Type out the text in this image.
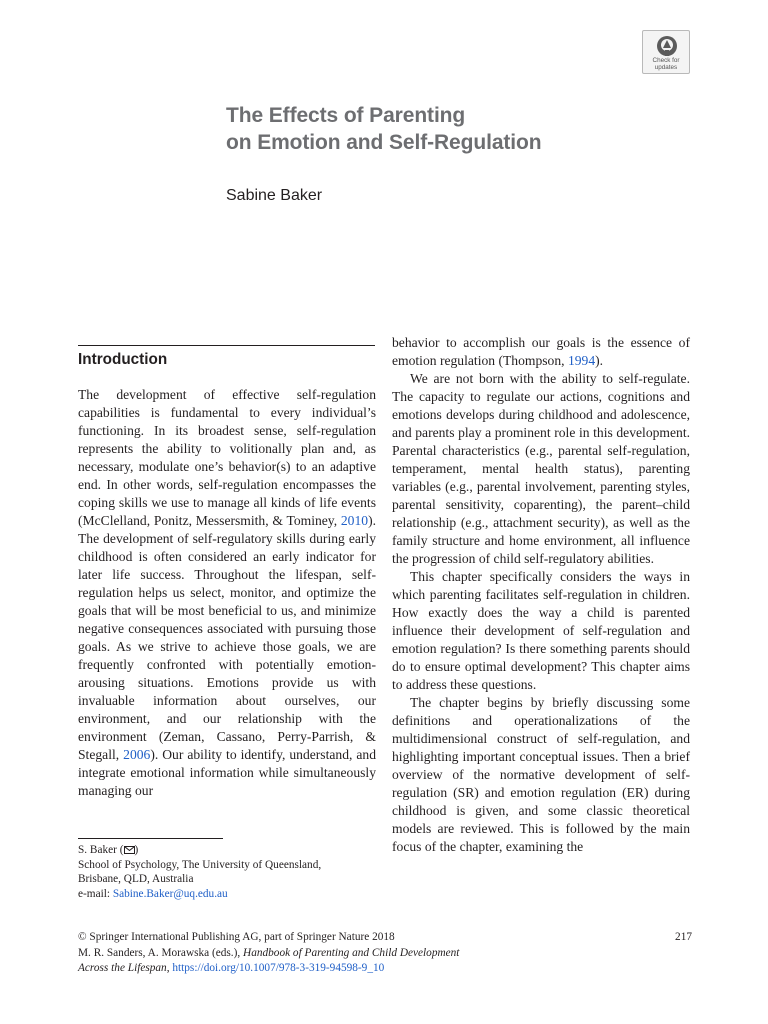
Check for
updates
The Effects of Parenting
on Emotion and Self-Regulation
Sabine Baker
Introduction

The development of effective self-regulation capabilities is fundamental to every individual’s functioning. In its broadest sense, self-regulation represents the ability to volitionally plan and, as necessary, modulate one’s behavior(s) to an adaptive end. In other words, self-regulation encompasses the coping skills we use to manage all kinds of life events (McClelland, Ponitz, Messersmith, & Tominey, 2010). The development of self-regulatory skills during early childhood is often considered an early indicator for later life success. Throughout the lifespan, self-regulation helps us select, monitor, and optimize the goals that will be most beneficial to us, and minimize negative consequences associated with pursuing those goals. As we strive to achieve those goals, we are frequently confronted with potentially emotion-arousing situations. Emotions provide us with invaluable information about ourselves, our environment, and our relationship with the environment (Zeman, Cassano, Perry-Parrish, & Stegall, 2006). Our ability to identify, understand, and integrate emotional information while simultaneously managing our

behavior to accomplish our goals is the essence of emotion regulation (Thompson, 1994).

We are not born with the ability to self-regulate. The capacity to regulate our actions, cognitions and emotions develops during childhood and adolescence, and parents play a prominent role in this development. Parental characteristics (e.g., parental self-regulation, temperament, mental health status), parenting variables (e.g., parental involvement, parenting styles, parental sensitivity, coparenting), the parent–child relationship (e.g., attachment security), as well as the family structure and home environment, all influence the progression of child self-regulatory abilities.

This chapter specifically considers the ways in which parenting facilitates self-regulation in children. How exactly does the way a child is parented influence their development of self-regulation and emotion regulation? Is there something parents should do to ensure optimal development? This chapter aims to address these questions.

The chapter begins by briefly discussing some definitions and operationalizations of the multidimensional construct of self-regulation, and highlighting important conceptual issues. Then a brief overview of the normative development of self-regulation (SR) and emotion regulation (ER) during childhood is given, and some classic theoretical models are reviewed. This is followed by the main focus of the chapter, examining the

S. Baker ( )
School of Psychology, The University of Queensland,
Brisbane, QLD, Australia
e-mail: Sabine.Baker@uq.edu.au
© Springer International Publishing AG, part of Springer Nature 2018
M. R. Sanders, A. Morawska (eds.), Handbook of Parenting and Child Development
Across the Lifespan, https://doi.org/10.1007/978-3-319-94598-9_10
217
